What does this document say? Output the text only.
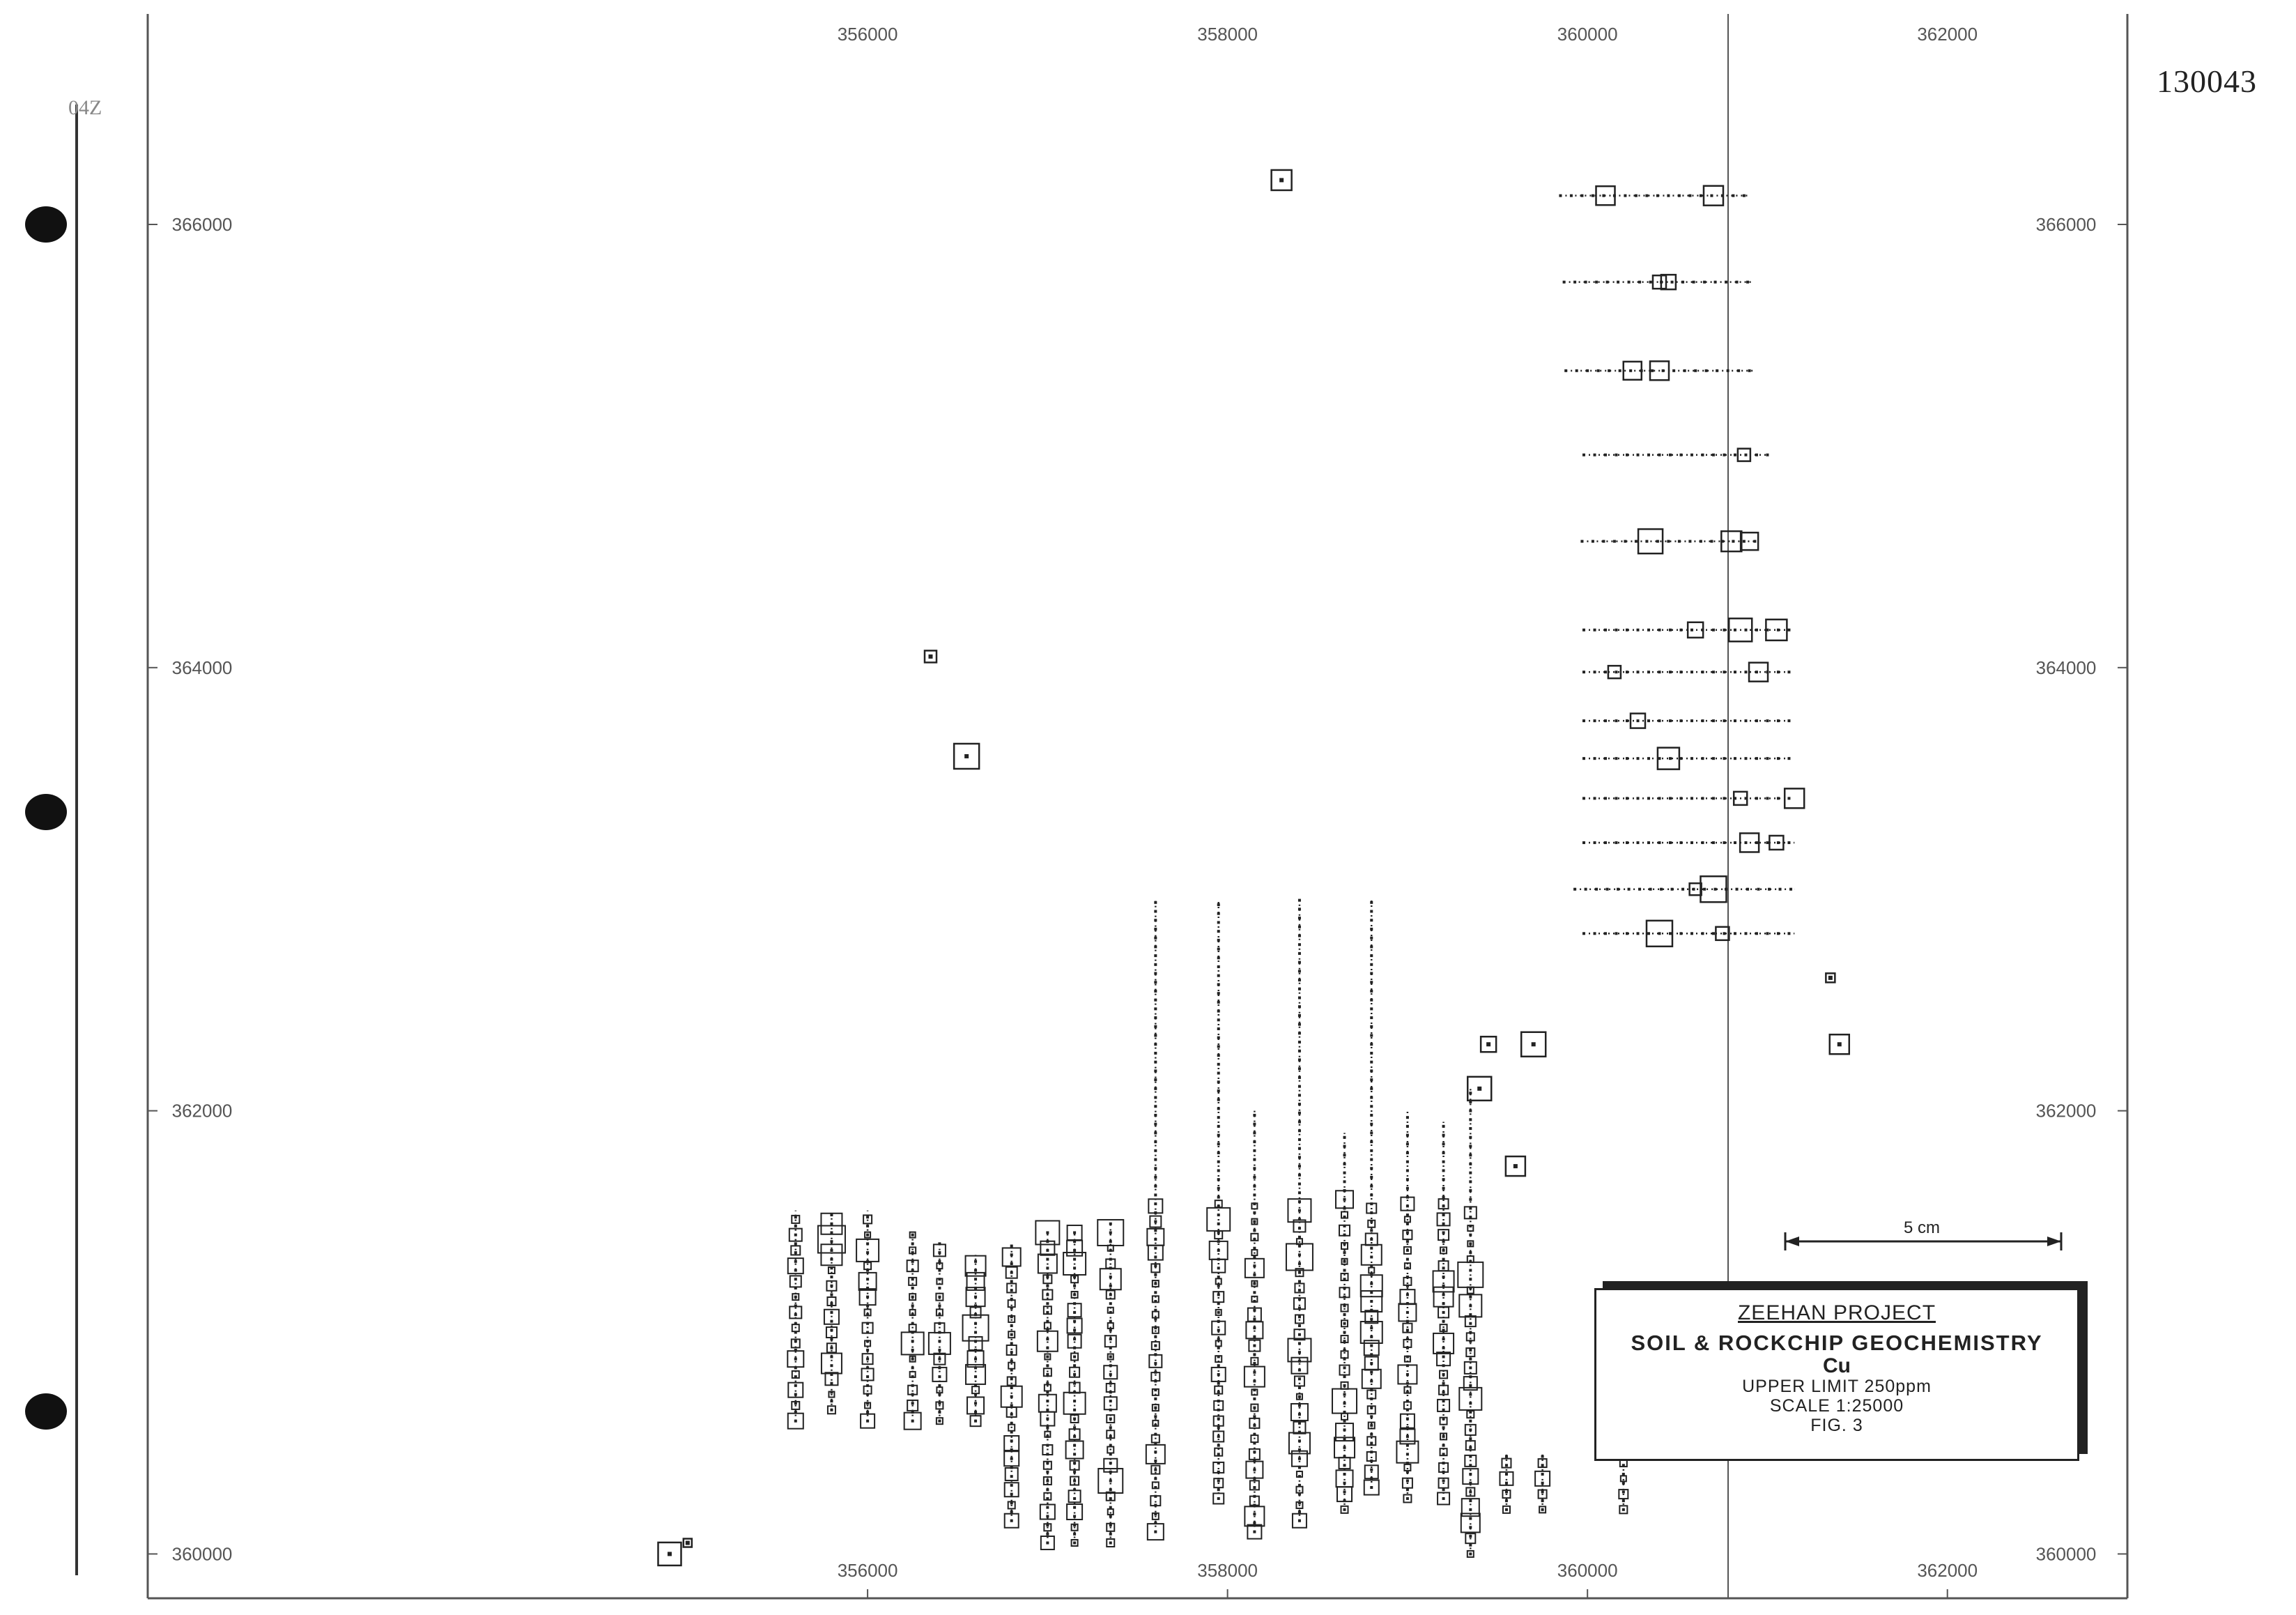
356000
356000
358000
358000
360000
360000
362000
362000
366000	366000
364000	364000
362000	362000
360000	360000
5 cm
130043
04Z
ZEEHAN PROJECT
SOIL & ROCKCHIP GEOCHEMISTRY
Cu
UPPER LIMIT 250ppm
SCALE 1:25000
FIG. 3
